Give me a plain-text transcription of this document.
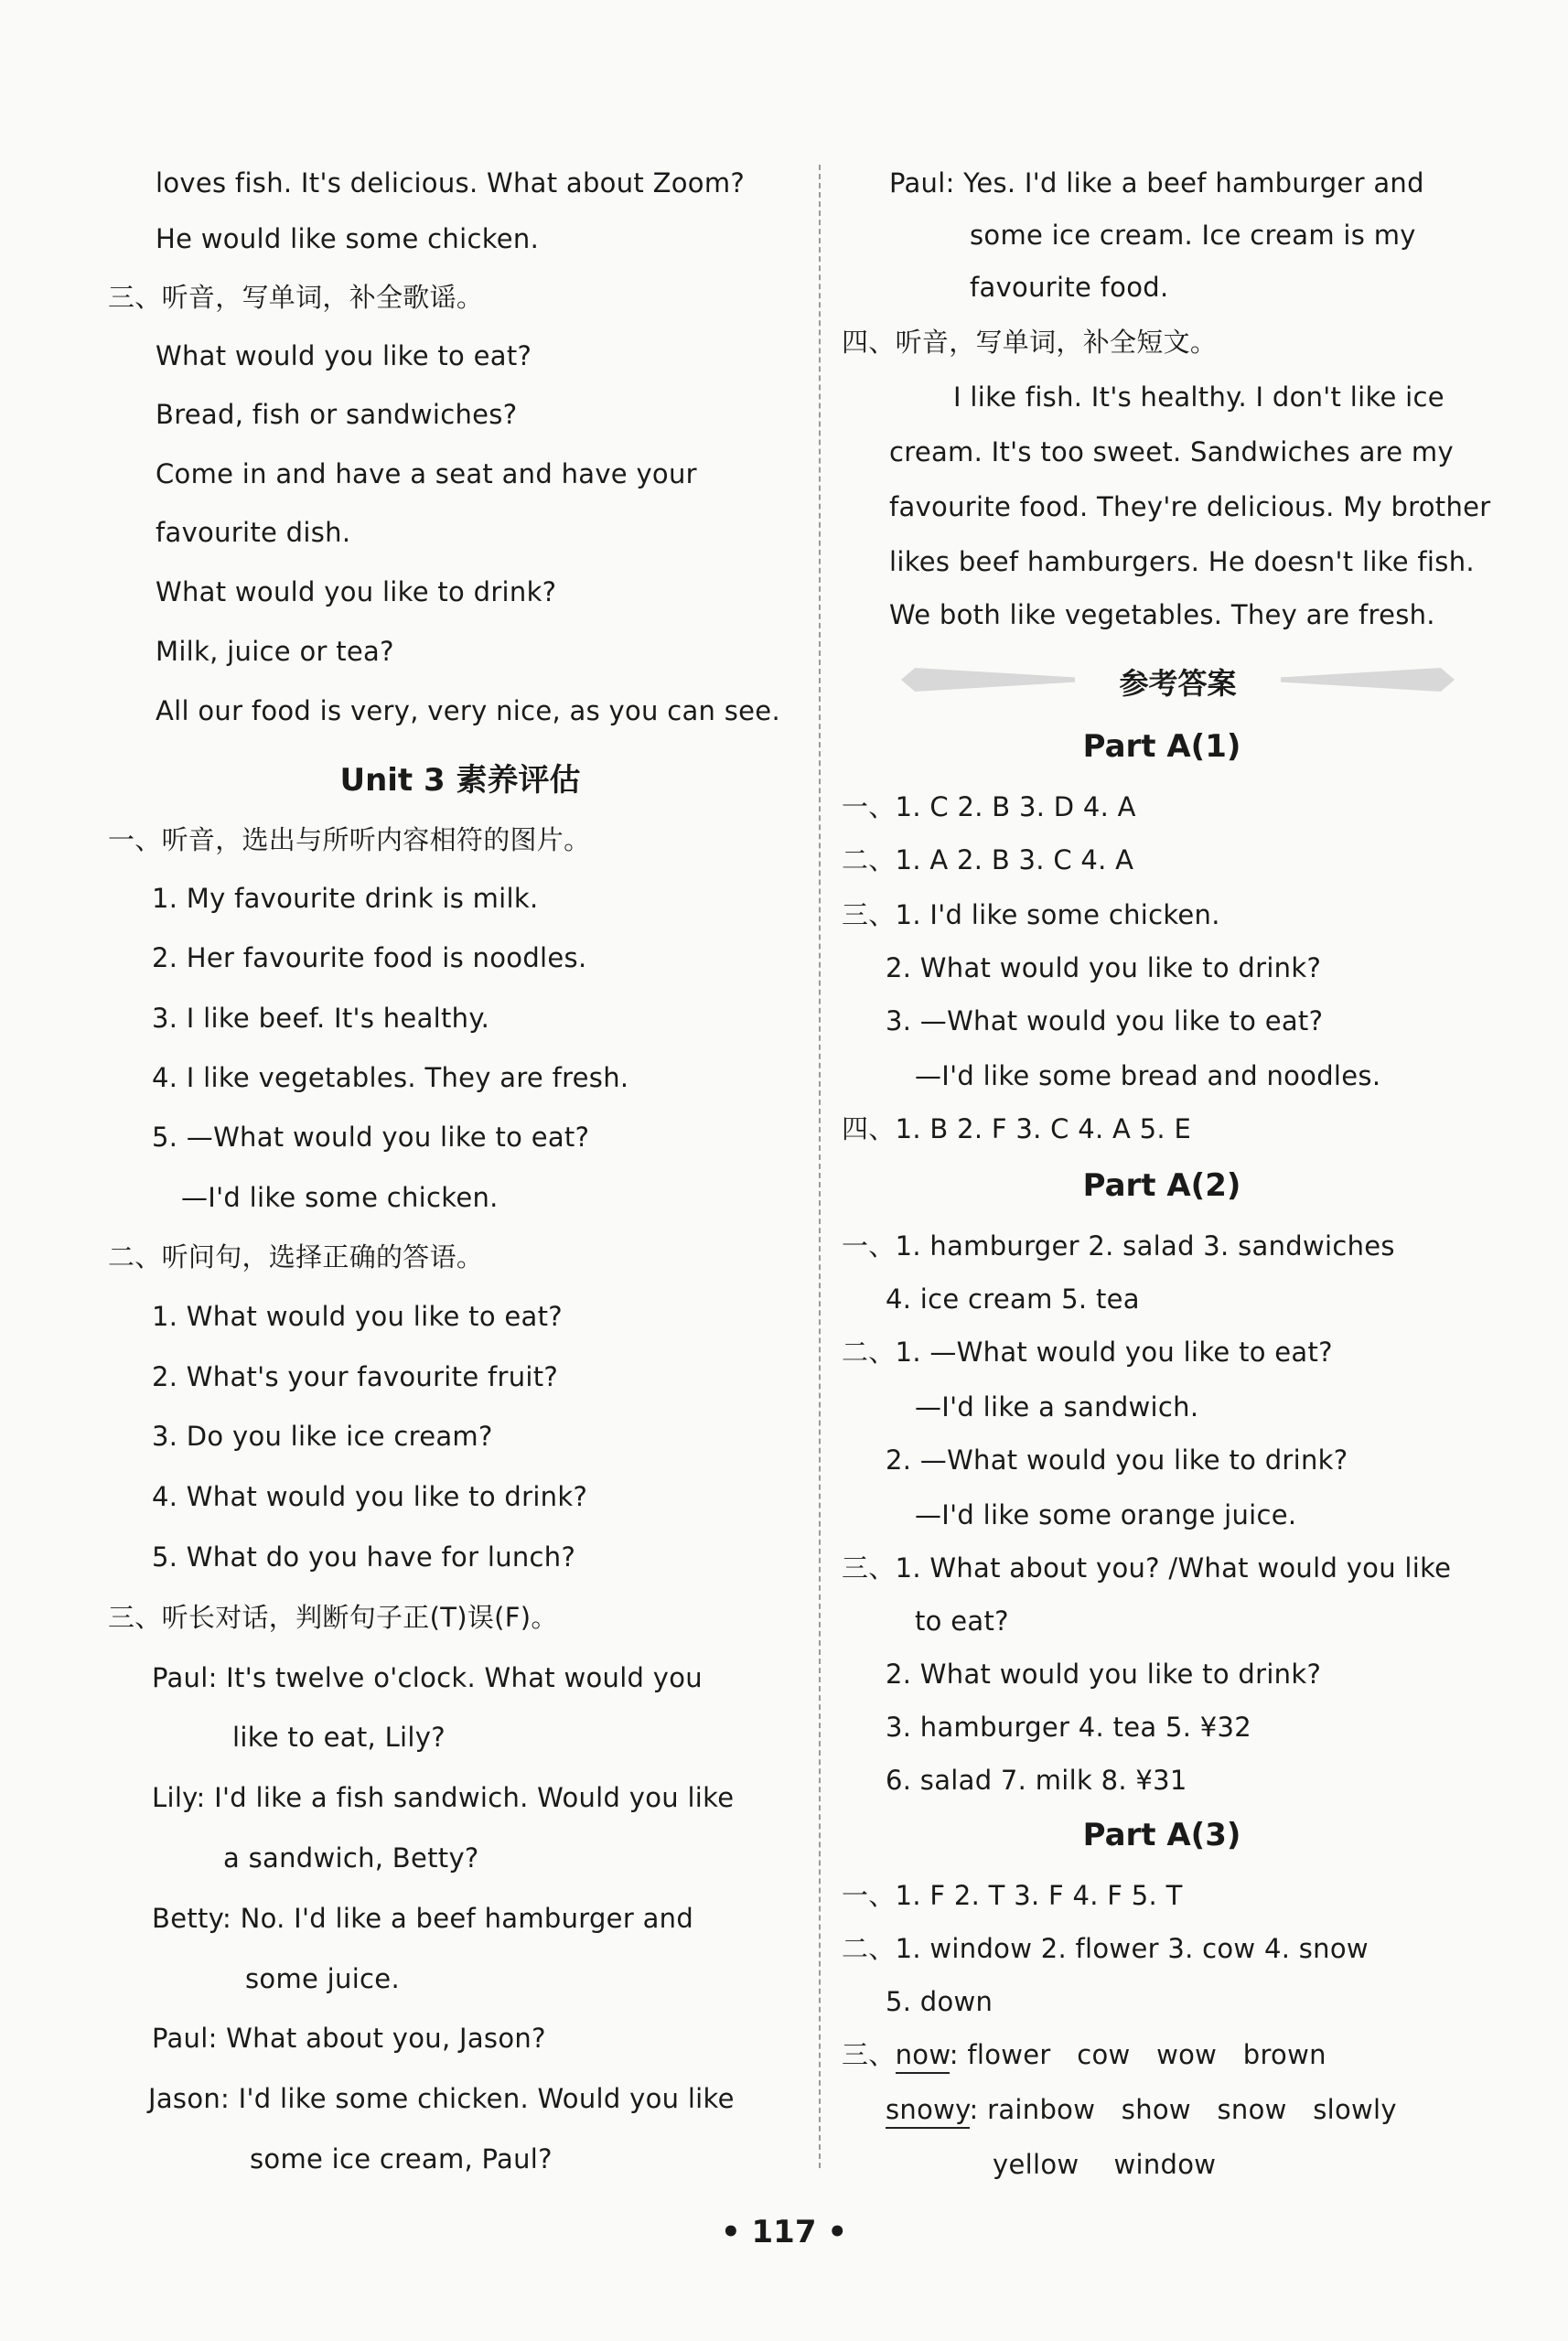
loves fish. It's delicious. What about Zoom?
He would like some chicken.
三、听音，写单词，补全歌谣。
What would you like to eat?
Bread, fish or sandwiches?
Come in and have a seat and have your
favourite dish.
What would you like to drink?
Milk, juice or tea?
All our food is very, very nice, as you can see.
Unit 3 素养评估
一、听音，选出与所听内容相符的图片。
1. My favourite drink is milk.
2. Her favourite food is noodles.
3. I like beef. It's healthy.
4. I like vegetables. They are fresh.
5. —What would you like to eat?
—I'd like some chicken.
二、听问句，选择正确的答语。
1. What would you like to eat?
2. What's your favourite fruit?
3. Do you like ice cream?
4. What would you like to drink?
5. What do you have for lunch?
三、听长对话，判断句子正(T)误(F)。
Paul: It's twelve o'clock. What would you
like to eat, Lily?
Lily: I'd like a fish sandwich. Would you like
a sandwich, Betty?
Betty: No. I'd like a beef hamburger and
some juice.
Paul: What about you, Jason?
Jason: I'd like some chicken. Would you like
some ice cream, Paul?
Paul: Yes. I'd like a beef hamburger and
some ice cream. Ice cream is my
favourite food.
四、听音，写单词，补全短文。
I like fish. It's healthy. I don't like ice
cream. It's too sweet. Sandwiches are my
favourite food. They're delicious. My brother
likes beef hamburgers. He doesn't like fish.
We both like vegetables. They are fresh.
参考答案
Part A(1)
一、1. C 2. B 3. D 4. A
二、1. A 2. B 3. C 4. A
三、1. I'd like some chicken.
2. What would you like to drink?
3. —What would you like to eat?
—I'd like some bread and noodles.
四、1. B 2. F 3. C 4. A 5. E
Part A(2)
一、1. hamburger 2. salad 3. sandwiches
4. ice cream 5. tea
二、1. —What would you like to eat?
—I'd like a sandwich.
2. —What would you like to drink?
—I'd like some orange juice.
三、1. What about you? /What would you like
to eat?
2. What would you like to drink?
3. hamburger 4. tea 5. ¥32
6. salad 7. milk 8. ¥31
Part A(3)
一、1. F 2. T 3. F 4. F 5. T
二、1. window 2. flower 3. cow 4. snow
5. down
三、now: flower cow wow brown
snowy: rainbow show snow slowly
yellow window
• 117 •
